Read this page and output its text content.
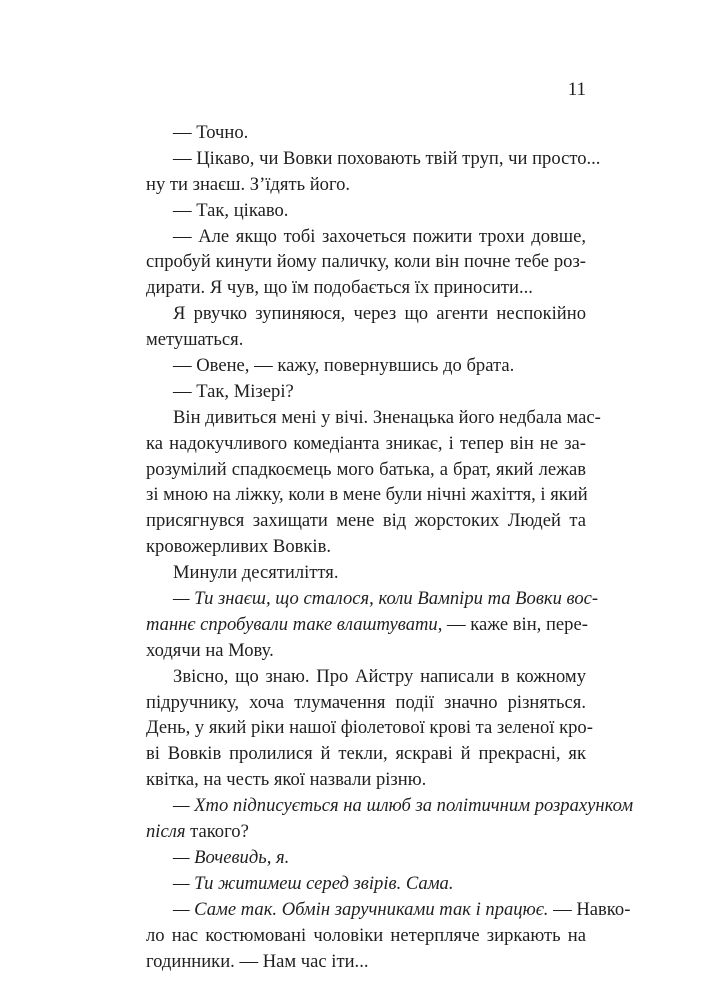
11
— Точно.
— Цікаво, чи Вовки поховають твій труп, чи просто...
ну ти знаєш. З’їдять його.
— Так, цікаво.
— Але якщо тобі захочеться пожити трохи довше,
спробуй кинути йому паличку, коли він почне тебе роз-
дирати. Я чув, що їм подобається їх приносити...
Я рвучко зупиняюся, через що агенти неспокійно
метушаться.
— Овене, — кажу, повернувшись до брата.
— Так, Мізері?
Він дивиться мені у вічі. Зненацька його недбала мас-
ка надокучливого комедіанта зникає, і тепер він не за-
розумілий спадкоємець мого батька, а брат, який лежав
зі мною на ліжку, коли в мене були нічні жахіття, і який
присягнувся захищати мене від жорстоких Людей та
кровожерливих Вовків.
Минули десятиліття.
— Ти знаєш, що сталося, коли Вампіри та Вовки вос-
таннє спробували таке влаштувати, — каже він, пере-
ходячи на Мову.
Звісно, що знаю. Про Айстру написали в кожному
підручнику, хоча тлумачення події значно різняться.
День, у який ріки нашої фіолетової крові та зеленої кро-
ві Вовків пролилися й текли, яскраві й прекрасні, як
квітка, на честь якої назвали різню.
— Хто підписується на шлюб за політичним розрахунком
після такого?
— Вочевидь, я.
— Ти житимеш серед звірів. Сама.
— Саме так. Обмін заручниками так і працює. — Навко-
ло нас костюмовані чоловіки нетерпляче зиркають на
годинники. — Нам час іти...
